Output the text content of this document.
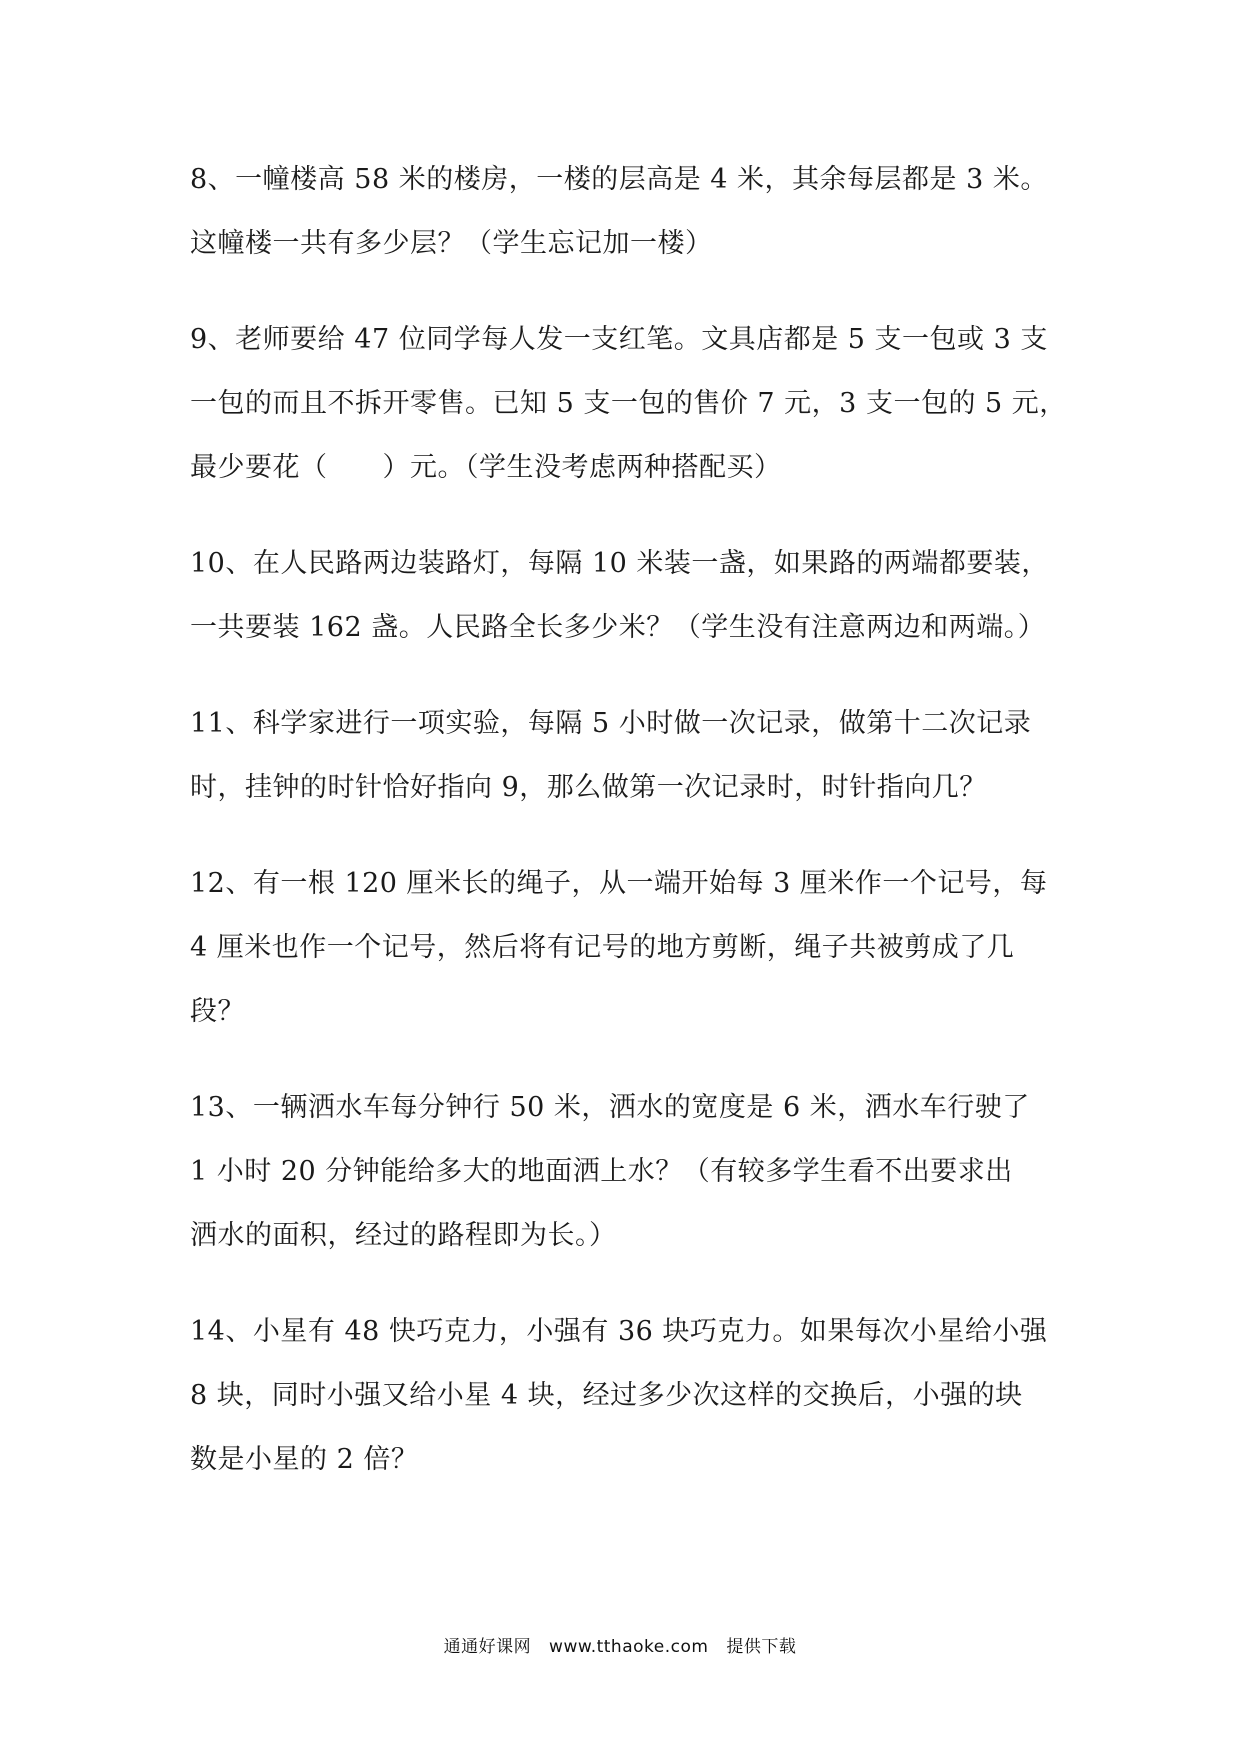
8、一幢楼高 58 米的楼房，一楼的层高是 4 米，其余每层都是 3 米。
这幢楼一共有多少层？（学生忘记加一楼）
9、老师要给 47 位同学每人发一支红笔。文具店都是 5 支一包或 3 支
一包的而且不拆开零售。已知 5 支一包的售价 7 元，3 支一包的 5 元，
最少要花（　　）元。（学生没考虑两种搭配买）
10、在人民路两边装路灯，每隔 10 米装一盏，如果路的两端都要装，
一共要装 162 盏。人民路全长多少米？（学生没有注意两边和两端。）
11、科学家进行一项实验，每隔 5 小时做一次记录，做第十二次记录
时，挂钟的时针恰好指向 9，那么做第一次记录时，时针指向几？
12、有一根 120 厘米长的绳子，从一端开始每 3 厘米作一个记号，每
4 厘米也作一个记号，然后将有记号的地方剪断，绳子共被剪成了几
段？
13、一辆洒水车每分钟行 50 米，洒水的宽度是 6 米，洒水车行驶了
1 小时 20 分钟能给多大的地面洒上水？（有较多学生看不出要求出
洒水的面积，经过的路程即为长。）
14、小星有 48 快巧克力，小强有 36 块巧克力。如果每次小星给小强
8 块，同时小强又给小星 4 块，经过多少次这样的交换后，小强的块
数是小星的 2 倍？
通通好课网 www.tthaoke.com 提供下载
